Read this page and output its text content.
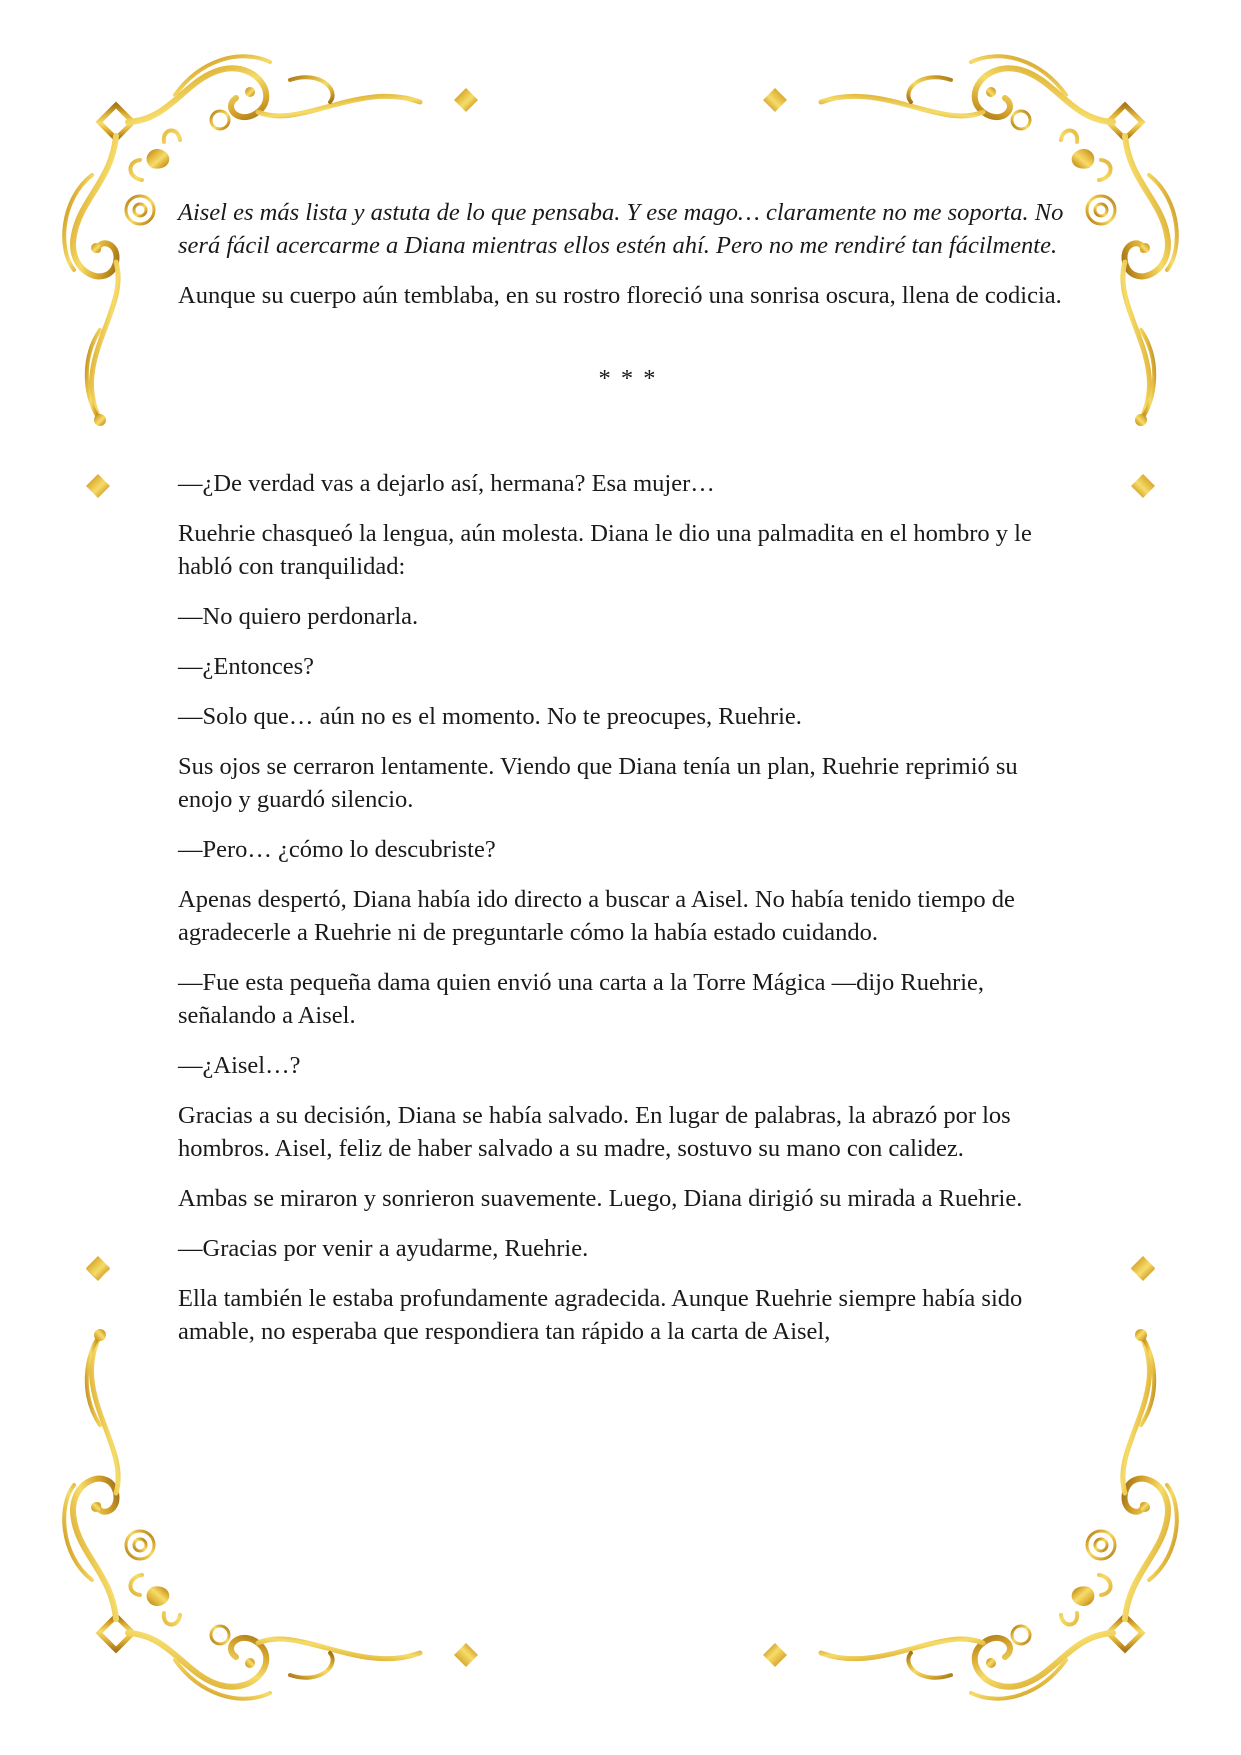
Aisel es más lista y astuta de lo que pensaba. Y ese mago… claramente no me soporta. No será fácil acercarme a Diana mientras ellos estén ahí. Pero no me rendiré tan fácilmente.

Aunque su cuerpo aún temblaba, en su rostro floreció una sonrisa oscura, llena de codicia.

* * *

—¿De verdad vas a dejarlo así, hermana? Esa mujer…

Ruehrie chasqueó la lengua, aún molesta. Diana le dio una palmadita en el hombro y le habló con tranquilidad:

—No quiero perdonarla.

—¿Entonces?

—Solo que… aún no es el momento. No te preocupes, Ruehrie.

Sus ojos se cerraron lentamente. Viendo que Diana tenía un plan, Ruehrie reprimió su enojo y guardó silencio.

—Pero… ¿cómo lo descubriste?

Apenas despertó, Diana había ido directo a buscar a Aisel. No había tenido tiempo de agradecerle a Ruehrie ni de preguntarle cómo la había estado cuidando.

—Fue esta pequeña dama quien envió una carta a la Torre Mágica —dijo Ruehrie, señalando a Aisel.

—¿Aisel…?

Gracias a su decisión, Diana se había salvado. En lugar de palabras, la abrazó por los hombros. Aisel, feliz de haber salvado a su madre, sostuvo su mano con calidez.

Ambas se miraron y sonrieron suavemente. Luego, Diana dirigió su mirada a Ruehrie.

—Gracias por venir a ayudarme, Ruehrie.

Ella también le estaba profundamente agradecida. Aunque Ruehrie siempre había sido amable, no esperaba que respondiera tan rápido a la carta de Aisel,
